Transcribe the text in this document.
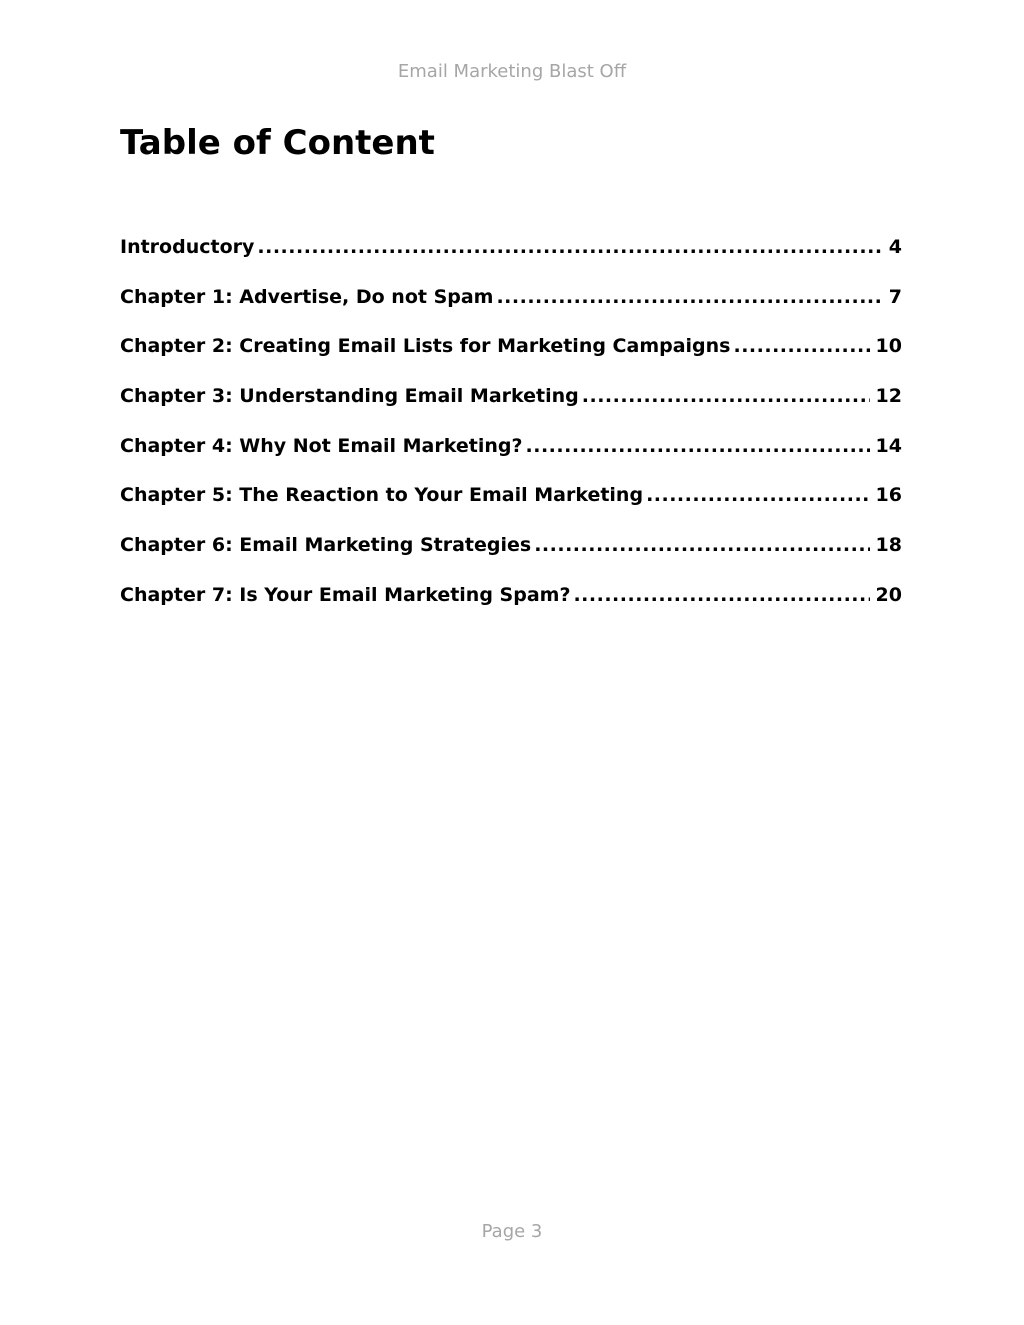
Email Marketing Blast Off
Table of Content
Introductory .....	4
Chapter 1: Advertise, Do not Spam .....	7
Chapter 2: Creating Email Lists for Marketing Campaigns .....	10
Chapter 3: Understanding Email Marketing .....	12
Chapter 4: Why Not Email Marketing? .....	14
Chapter 5: The Reaction to Your Email Marketing .....	16
Chapter 6: Email Marketing Strategies .....	18
Chapter 7: Is Your Email Marketing Spam? .....	20
Page 3
